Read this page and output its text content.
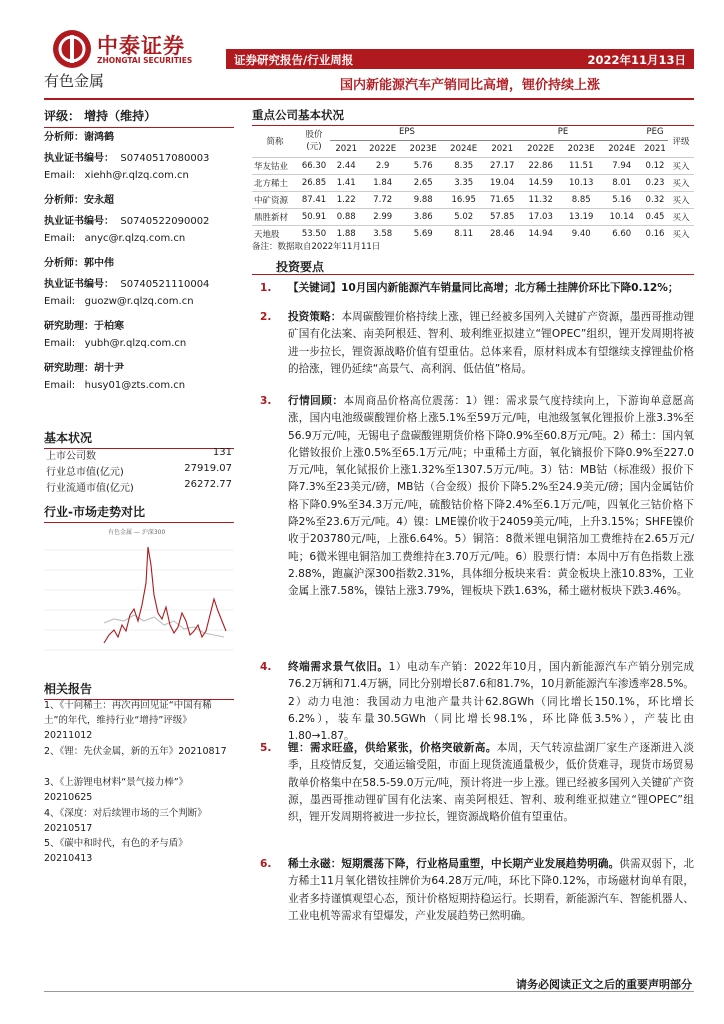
中泰证券
ZHONGTAI SECURITIES
有色金属
证券研究报告/行业周报	2022年11月13日
国内新能源汽车产销同比高增，锂价持续上涨
评级： 增持（维持）
分析师：谢鸿鹤
执业证书编号： S0740517080003
Email: xiehh@r.qlzq.com.cn
分析师：安永超
执业证书编号： S0740522090002
Email: anyc@r.qlzq.com.cn
分析师：郭中伟
执业证书编号： S0740521110004
Email: guozw@r.qlzq.com.cn
研究助理：于柏寒
Email: yubh@r.qlzq.com.cn
研究助理：胡十尹
Email: husy01@zts.com.cn
基本状况
上市公司数	131
行业总市值(亿元)	27919.07
行业流通市值(亿元)	26272.77
行业-市场走势对比
有色金属 — 沪深300
相关报告
1、《十问稀土：再次再回见证“中国有稀土”的年代，维持行业“增持”评级》20211012
2、《锂：先伏金属，新的五年》20210817
3、《上游锂电材料“景气接力棒”》20210625
4、《深度：对后续锂市场的三个判断》20210517
5、《碳中和时代，有色的矛与盾》20210413
重点公司基本状况
简称	股价
(元)	EPS				PE				PEG	评级
		2021	2022E	2023E	2024E	2021	2022E	2023E	2024E	2021	
华友钴业	66.30	2.44	2.9	5.76	8.35	27.17	22.86	11.51	7.94	0.12	买入
北方稀土	26.85	1.41	1.84	2.65	3.35	19.04	14.59	10.13	8.01	0.23	买入
中矿资源	87.41	1.22	7.72	9.88	16.95	71.65	11.32	8.85	5.16	0.32	买入
鼎胜新材	50.91	0.88	2.99	3.86	5.02	57.85	17.03	13.19	10.14	0.45	买入
天地股	53.50	1.88	3.58	5.69	8.11	28.46	14.94	9.40	6.60	0.16	买入
备注：数据取自2022年11月11日
投资要点
1. 【关键词】10月国内新能源汽车销量同比高增；北方稀土挂牌价环比下降0.12%；
2. 投资策略：本周碳酸锂价格持续上涨，锂已经被多国列入关键矿产资源，墨西哥推动锂矿国有化法案、南美阿根廷、智利、玻利维亚拟建立“锂OPEC”组织，锂开发周期将被进一步拉长，锂资源战略价值有望重估。总体来看，原材料成本有望继续支撑锂盐价格的拾涨，锂仍延续“高景气、高利润、低估值”格局。
3. 行情回顾：本周商品价格高位震荡：1）锂：需求景气度持续向上，下游询单意愿高涨，国内电池级碳酸锂价格上涨5.1%至59万元/吨，电池级氢氧化锂报价上涨3.3%至56.9万元/吨，无锡电子盘碳酸锂期货价格下降0.9%至60.8万元/吨。2）稀土：国内氧化镨钕报价上涨0.5%至65.1万元/吨；中重稀土方面，氧化镝报价下降0.9%至227.0万元/吨，氧化铽报价上涨1.32%至1307.5万元/吨。3）钴：MB钴（标准级）报价下降7.3%至23美元/磅，MB钴（合金级）报价下降5.2%至24.9美元/磅；国内金属钴价格下降0.9%至34.3万元/吨，硫酸钴价格下降2.4%至6.1万元/吨，四氧化三钴价格下降2%至23.6万元/吨。4）镍：LME镍价收于24059美元/吨，上升3.15%；SHFE镍价收于203780元/吨，上涨6.64%。5）铜箔：8微米锂电铜箔加工费维持在2.65万元/吨；6微米锂电铜箔加工费维持在3.70万元/吨。6）股票行情：本周中万有色指数上涨2.88%，跑赢沪深300指数2.31%，具体细分板块来看：黄金板块上涨10.83%，工业金属上涨7.58%，镍钴上涨3.79%，锂板块下跌1.63%，稀土磁材板块下跌3.46%。
4. 终端需求景气依旧。1）电动车产销：2022年10月，国内新能源汽车产销分别完成76.2万辆和71.4万辆，同比分别增长87.6和81.7%，10月新能源汽车渗透率28.5%。2）动力电池：我国动力电池产量共计62.8GWh（同比增长150.1%，环比增长6.2%），装车量30.5GWh（同比增长98.1%，环比降低3.5%），产装比由1.80→1.87。
5. 锂：需求旺盛，供给紧张，价格突破新高。本周，天气转凉盐湖厂家生产逐渐进入淡季，且疫情反复，交通运输受阻，市面上现货流通量极少，低价货难寻，现货市场贸易散单价格集中在58.5-59.0万元/吨，预计将进一步上涨。锂已经被多国列入关键矿产资源，墨西哥推动锂矿国有化法案、南美阿根廷、智利、玻利维亚拟建立“锂OPEC”组织，锂开发周期将被进一步拉长，锂资源战略价值有望重估。
6. 稀土永磁：短期震荡下降，行业格局重塑，中长期产业发展趋势明确。供需双弱下，北方稀土11月氧化镨钕挂牌价为64.28万元/吨，环比下降0.12%，市场磁材询单有限，业者多持谨慎观望心态，预计价格短期持稳运行。长期看，新能源汽车、智能机器人、工业电机等需求有望爆发，产业发展趋势已然明确。
请务必阅读正文之后的重要声明部分
